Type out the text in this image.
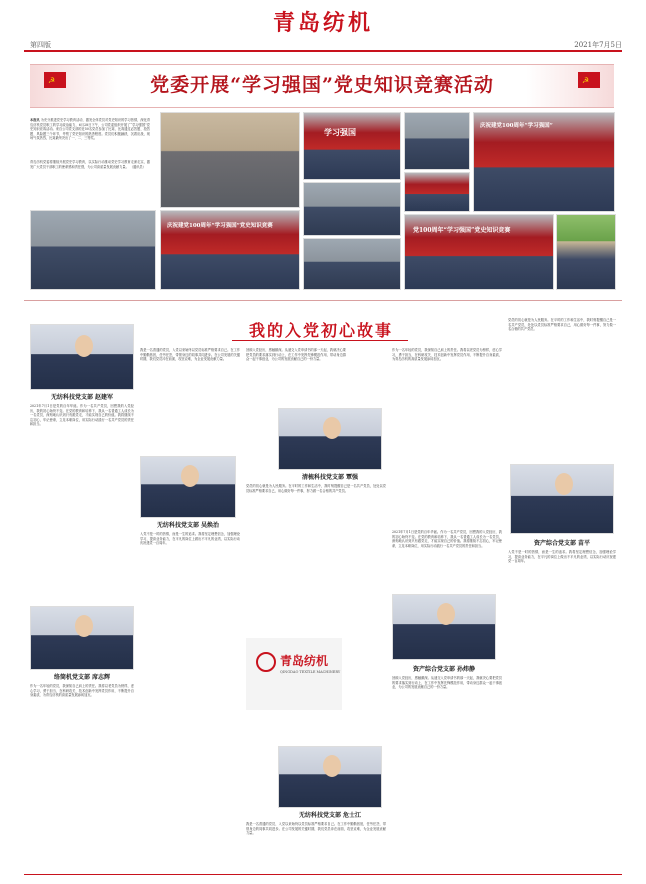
青岛纺机
第四版	2021年7月5日
☭	☭
党委开展“学习强国”党史知识竞赛活动
本报讯 为充分推进党史学习教育活动，激发全体党员对党史知识的学习热情，深化青岛纺机党员职工的学习政治能力，6月28日下午，公司党委组织开展了“学习强国”党史知识竞赛活动。来自公司党支部的近50名党员参加了比赛，比赛通过必答题、抢答题、风险题三个环节，考察了党史知识的熟悉程度。党员们积极踊跃，沉着应战，现场气氛热烈，比赛最终决出了一、二、三等奖。
青岛纺机党委将继续开展党史学习教育，以实际行动推动党史学习教育走深走实，激发广大党员干部职工的使命感和责任感，为公司高质量发展贡献力量。 （通讯员）
庆祝建党100周年“学习强国”党史知识竞赛
学习强国
庆祝建党100周年“学习强国”
党100周年“学习强国”党史知识竞赛
我的入党初心故事
无纺科技党支部 赵建军
2021年7月1日是党的百年华诞。作为一名共产党员，回想我的入党经历，我的初心始终不变。在党的教育和培养下，我从一名普通工人成长为一名党员，深刻地认识到只有跟党走，才能实现自己的价值。我将继续不忘初心，牢记使命，立足本职岗位，用实际行动践行一名共产党员的责任和担当。
络筒机党支部 席志辉
作为一名年轻的党员，我深知自己肩上的责任。我将以老党员为榜样，虚心学习，勇于担当，在科研攻关、技术创新中发挥党员作用，不断提升自身素质，为青岛纺机的高质量发展添砖加瓦。
我是一名普通的党员，入党以来始终以党员标准严格要求自己。在工作中勤勤恳恳，任劳任怨，带领身边的同事共同进步。在公司发展的关键时期，我们党员冲在前面，攻坚克难，为企业发展贡献力量。
无纺科技党支部 吴焕治
入党不是一时的热情，而是一生的追求。我将坚定理想信念，加强理论学习，提高业务能力，在平凡的岗位上做出不平凡的业绩，以实际行动庆祝建党一百周年。
回顾入党经历，感触颇深。从递交入党申请书的那一天起，我就决心要把党员的要求落实到行动上，在工作中发挥先锋模范作用，带动身边群众一起干事创业，为公司的发展贡献自己的一份力量。
清梳科技党支部 覃强
党员的初心就是为人民服务。在平时的工作和生活中，我时刻提醒自己是一名共产党员，处处以党员标准严格要求自己，用心做好每一件事，努力做一名合格的共产党员。
青岛纺机
QINGDAO TEXTILE MACHINERY
无纺科技党支部 危士江
我是一名普通的党员，入党以来始终以党员标准严格要求自己。在工作中勤勤恳恳，任劳任怨，带领身边的同事共同进步。在公司发展的关键时期，我们党员冲在前面，攻坚克难，为企业发展贡献力量。
作为一名年轻的党员，我深知自己肩上的责任。我将以老党员为榜样，虚心学习，勇于担当，在科研攻关、技术创新中发挥党员作用，不断提升自身素质，为青岛纺机的高质量发展添砖加瓦。
2021年7月1日是党的百年华诞。作为一名共产党员，回想我的入党经历，我的初心始终不变。在党的教育和培养下，我从一名普通工人成长为一名党员，深刻地认识到只有跟党走，才能实现自己的价值。我将继续不忘初心，牢记使命，立足本职岗位，用实际行动践行一名共产党员的责任和担当。
资产综合党支部 孙炜静
回顾入党经历，感触颇深。从递交入党申请书的那一天起，我就决心要把党员的要求落实到行动上，在工作中发挥先锋模范作用，带动身边群众一起干事创业，为公司的发展贡献自己的一份力量。
党员的初心就是为人民服务。在平时的工作和生活中，我时刻提醒自己是一名共产党员，处处以党员标准严格要求自己，用心做好每一件事，努力做一名合格的共产党员。
资产综合党支部 苗平
入党不是一时的热情，而是一生的追求。我将坚定理想信念，加强理论学习，提高业务能力，在平凡的岗位上做出不平凡的业绩，以实际行动庆祝建党一百周年。
